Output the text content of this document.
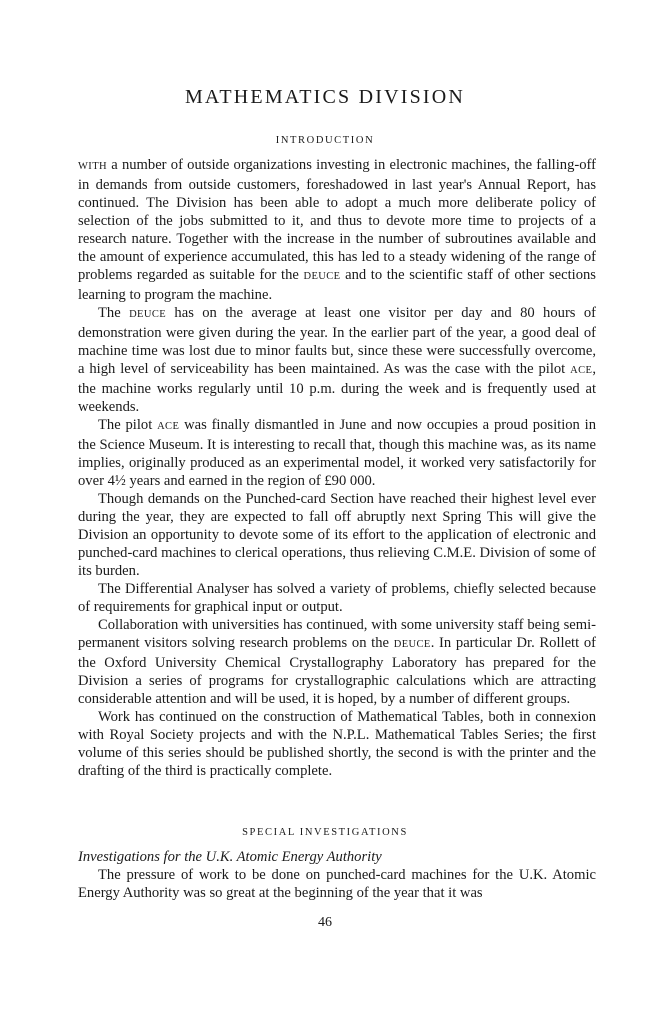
MATHEMATICS DIVISION
INTRODUCTION

WITH a number of outside organizations investing in electronic machines, the falling-off in demands from outside customers, foreshadowed in last year's Annual Report, has continued. The Division has been able to adopt a much more deliberate policy of selection of the jobs submitted to it, and thus to devote more time to projects of a research nature. Together with the increase in the number of subroutines available and the amount of experience accumulated, this has led to a steady widening of the range of problems regarded as suitable for the DEUCE and to the scientific staff of other sections learning to program the machine.

The DEUCE has on the average at least one visitor per day and 80 hours of demonstration were given during the year. In the earlier part of the year, a good deal of machine time was lost due to minor faults but, since these were successfully overcome, a high level of serviceability has been maintained. As was the case with the pilot ACE, the machine works regularly until 10 p.m. during the week and is frequently used at weekends.

The pilot ACE was finally dismantled in June and now occupies a proud position in the Science Museum. It is interesting to recall that, though this machine was, as its name implies, originally produced as an experimental model, it worked very satisfactorily for over 4½ years and earned in the region of £90 000.

Though demands on the Punched-card Section have reached their highest level ever during the year, they are expected to fall off abruptly next Spring This will give the Division an opportunity to devote some of its effort to the application of electronic and punched-card machines to clerical operations, thus relieving C.M.E. Division of some of its burden.

The Differential Analyser has solved a variety of problems, chiefly selected because of requirements for graphical input or output.

Collaboration with universities has continued, with some university staff being semi-permanent visitors solving research problems on the DEUCE. In particular Dr. Rollett of the Oxford University Chemical Crystallography Laboratory has prepared for the Division a series of programs for crystallographic calculations which are attracting considerable attention and will be used, it is hoped, by a number of different groups.

Work has continued on the construction of Mathematical Tables, both in connexion with Royal Society projects and with the N.P.L. Mathematical Tables Series; the first volume of this series should be published shortly, the second is with the printer and the drafting of the third is practically complete.

SPECIAL INVESTIGATIONS

Investigations for the U.K. Atomic Energy Authority

The pressure of work to be done on punched-card machines for the U.K. Atomic Energy Authority was so great at the beginning of the year that it was

46
